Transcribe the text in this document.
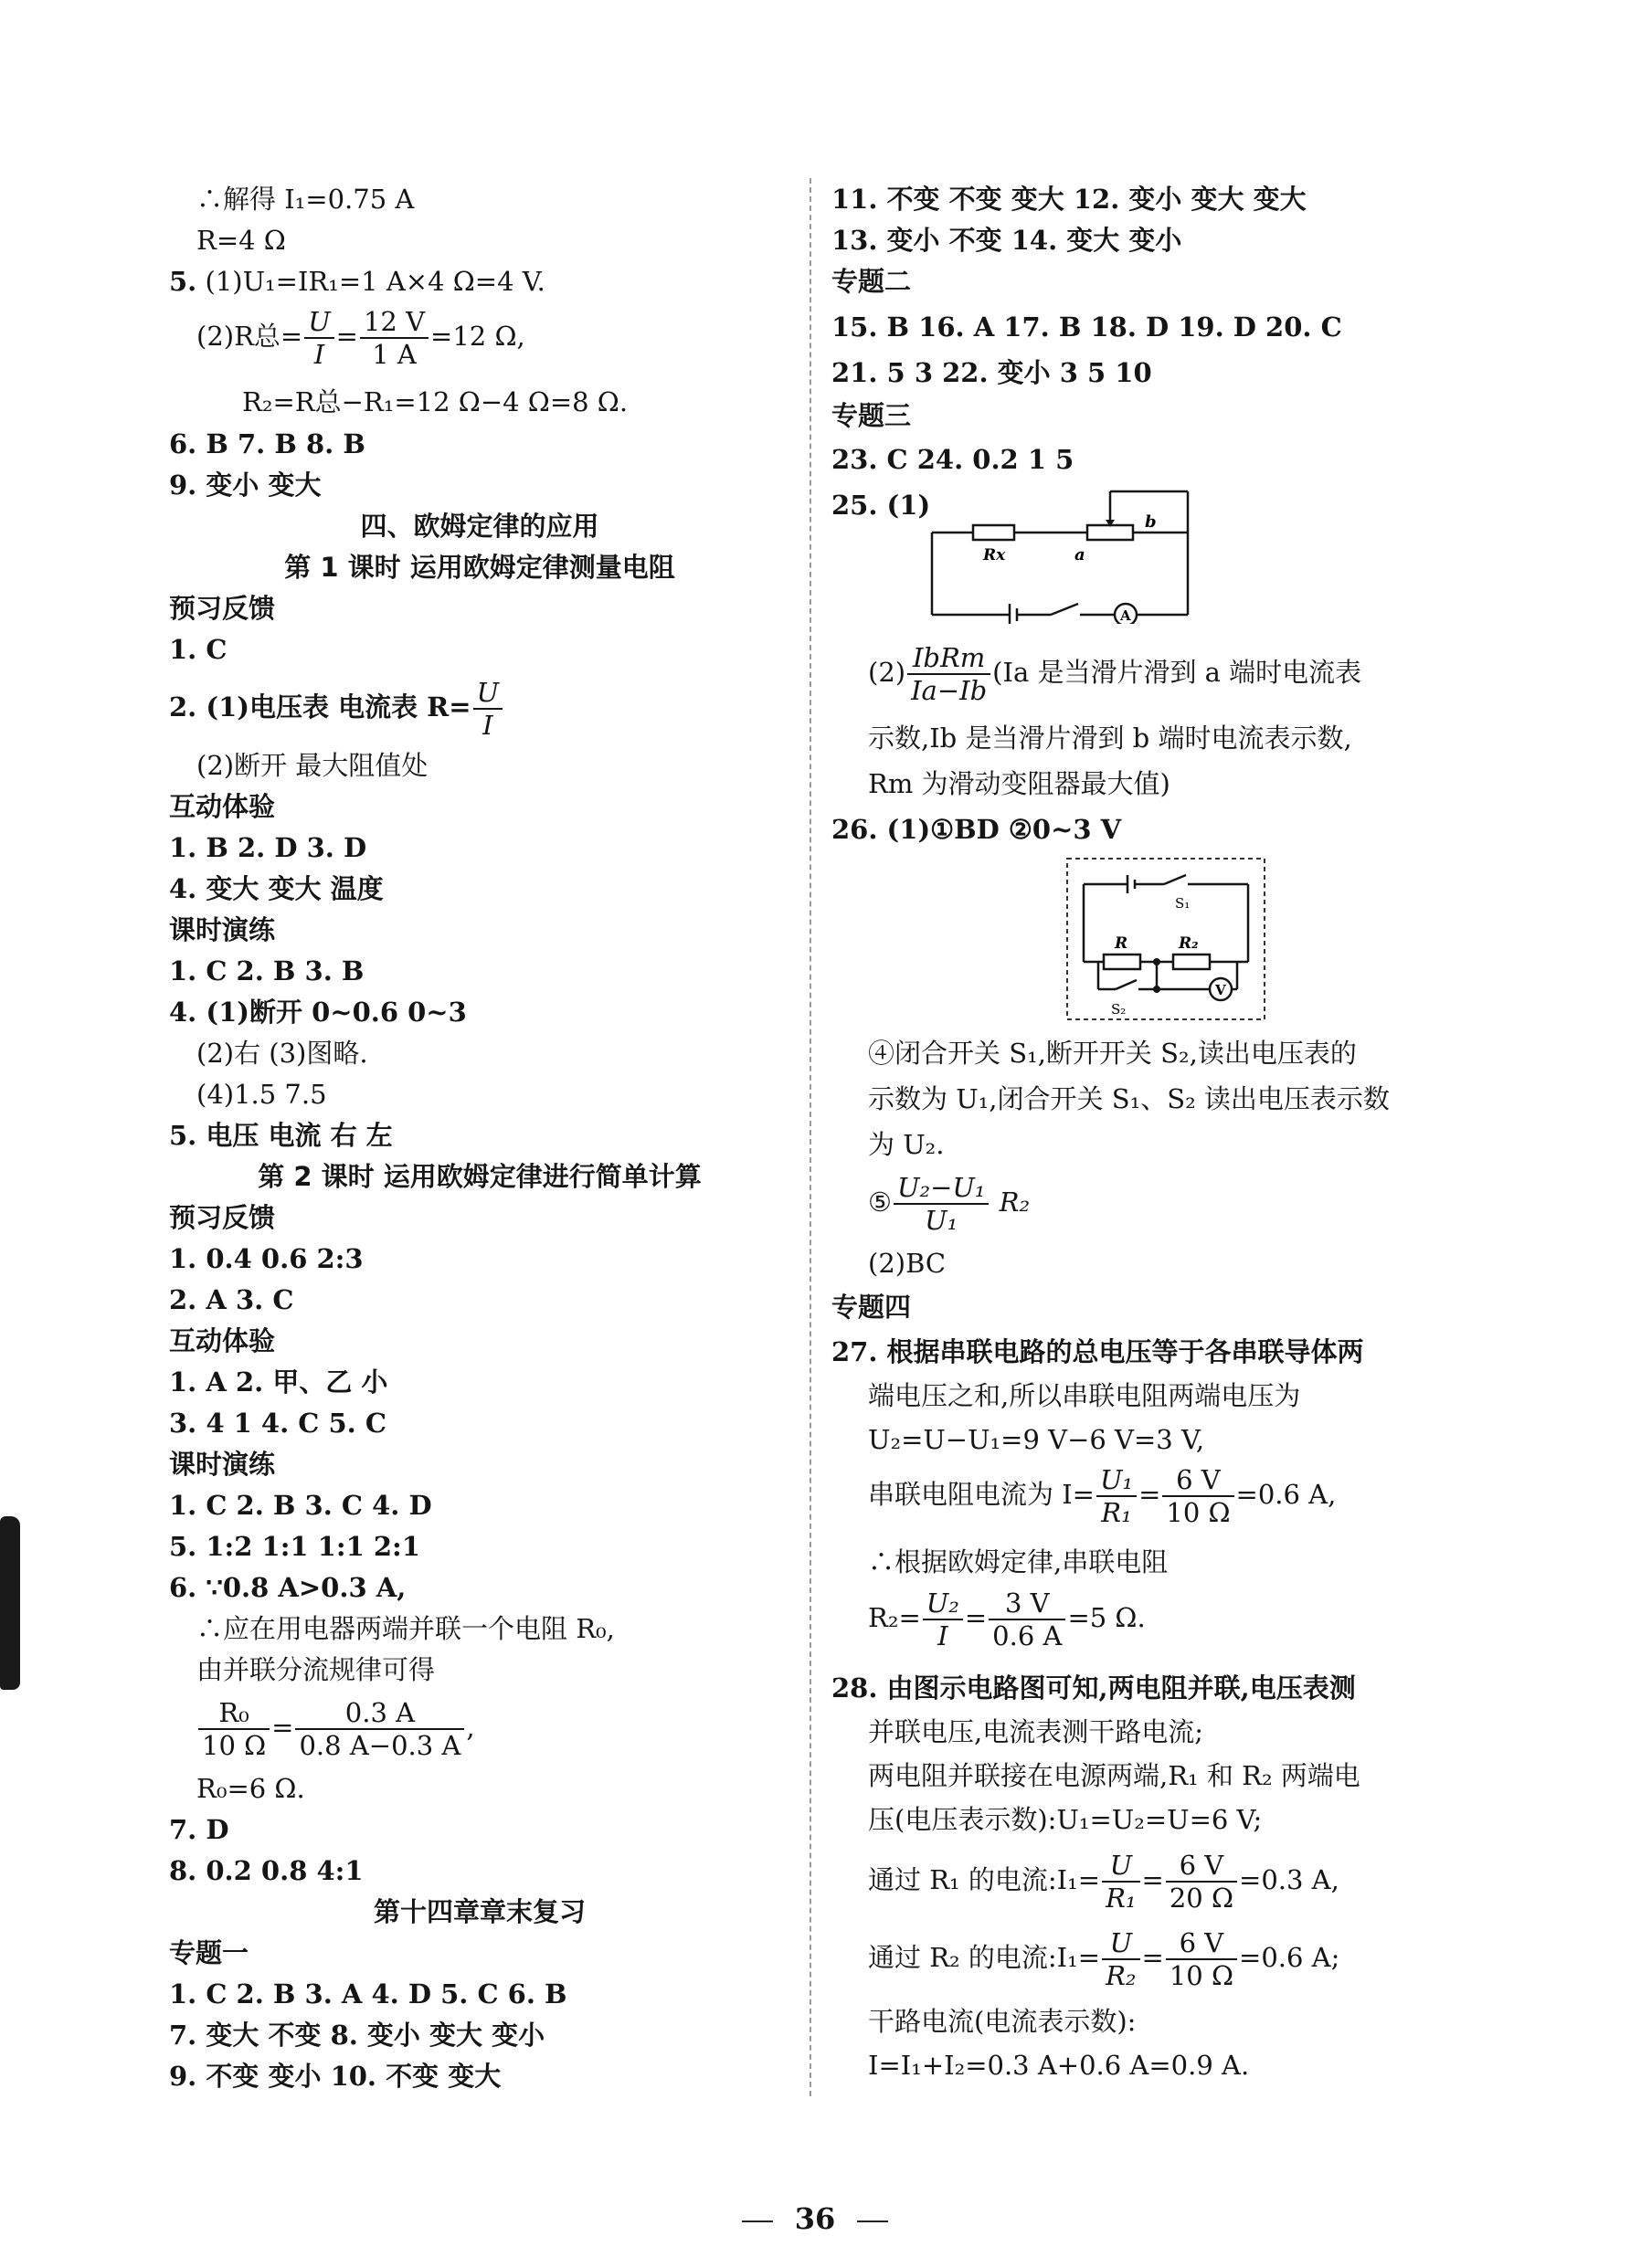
∴解得 I₁=0.75 A
R=4 Ω
5. (1)U₁=IR₁=1 A×4 Ω=4 V.
(2)R总= $\frac{U}{I} = \frac{12 V}{1 A} =12$ Ω,
R₂=R总−R₁=12 Ω−4 Ω=8 Ω.
6. B 7. B 8. B
9. 变小 变大
四、欧姆定律的应用
第 1 课时 运用欧姆定律测量电阻
预习反馈
1. C
2. (1)电压表 电流表 $R= \frac{U}{I}$
(2)断开 最大阻值处
互动体验
1. B 2. D 3. D
4. 变大 变大 温度
课时演练
1. C 2. B 3. B
4. (1)断开 0~0.6 0~3
(2)右 (3)图略.
(4)1.5 7.5
5. 电压 电流 右 左
第 2 课时 运用欧姆定律进行简单计算
预习反馈
1. 0.4 0.6 2:3
2. A 3. C
互动体验
1. A 2. 甲、乙 小
3. 4 1 4. C 5. C
课时演练
1. C 2. B 3. C 4. D
5. 1:2 1:1 1:1 2:1
6. ∵0.8 A>0.3 A,
∴应在用电器两端并联一个电阻 R₀,
由并联分流规律可得
$\frac{\text{R₀}}{10 \Omega} = \frac{0.3 A}{0.8 A-0.3 A}$ ,
R₀=6 Ω.
7. D
8. 0.2 0.8 4:1
第十四章章末复习
专题一
1. C 2. B 3. A 4. D 5. C 6. B
7. 变大 不变 8. 变小 变大 变小
9. 不变 变小 10. 不变 变大
11. 不变 不变 变大 12. 变小 变大 变大
13. 变小 不变 14. 变大 变小
专题二
15. B 16. A 17. B 18. D 19. D 20. C
21. 5 3 22. 变小 3 5 10
专题三
23. C 24. 0.2 1 5
25. (1)
Rx	a
b
A
$(2) \frac{\text{IbRm}}{Ia-Ib} (Ia$ 是当滑片滑到 a 端时电流表
示数,Ib 是当滑片滑到 b 端时电流表示数,
Rm 为滑动变阻器最大值)
26. (1)①BD ②0~3 V
S₁
R	R₂
S₂
V
④闭合开关 S₁,断开开关 S₂,读出电压表的
示数为 U₁,闭合开关 S₁、S₂ 读出电压表示数
为 U₂.
⑤ $\frac{\text{U₂−U₁}}{\text{U₁}} R_2$
(2)BC
专题四
27. 根据串联电路的总电压等于各串联导体两
端电压之和,所以串联电阻两端电压为
U₂=U−U₁=9 V−6 V=3 V,
串联电阻电流为 $I= \frac{\text{U₁}}{\text{R₁}} = \frac{6 V}{10 \Omega} =0.6$ A,
∴根据欧姆定律,串联电阻
$R_2= \frac{\text{U₂}}{I} = \frac{3 V}{0.6 A} =5$ Ω.
28. 由图示电路图可知,两电阻并联,电压表测
并联电压,电流表测干路电流;
两电阻并联接在电源两端,R₁ 和 R₂ 两端电
压(电压表示数):U₁=U₂=U=6 V;
通过 R₁ 的电流:I₁= $\frac{U}{\text{R₁}} = \frac{6 V}{20 \Omega} =0.3$ A,
通过 R₂ 的电流:I₁= $\frac{U}{\text{R₂}} = \frac{6 V}{10 \Omega} =0.6$ A;
干路电流(电流表示数):
I=I₁+I₂=0.3 A+0.6 A=0.9 A.
36
